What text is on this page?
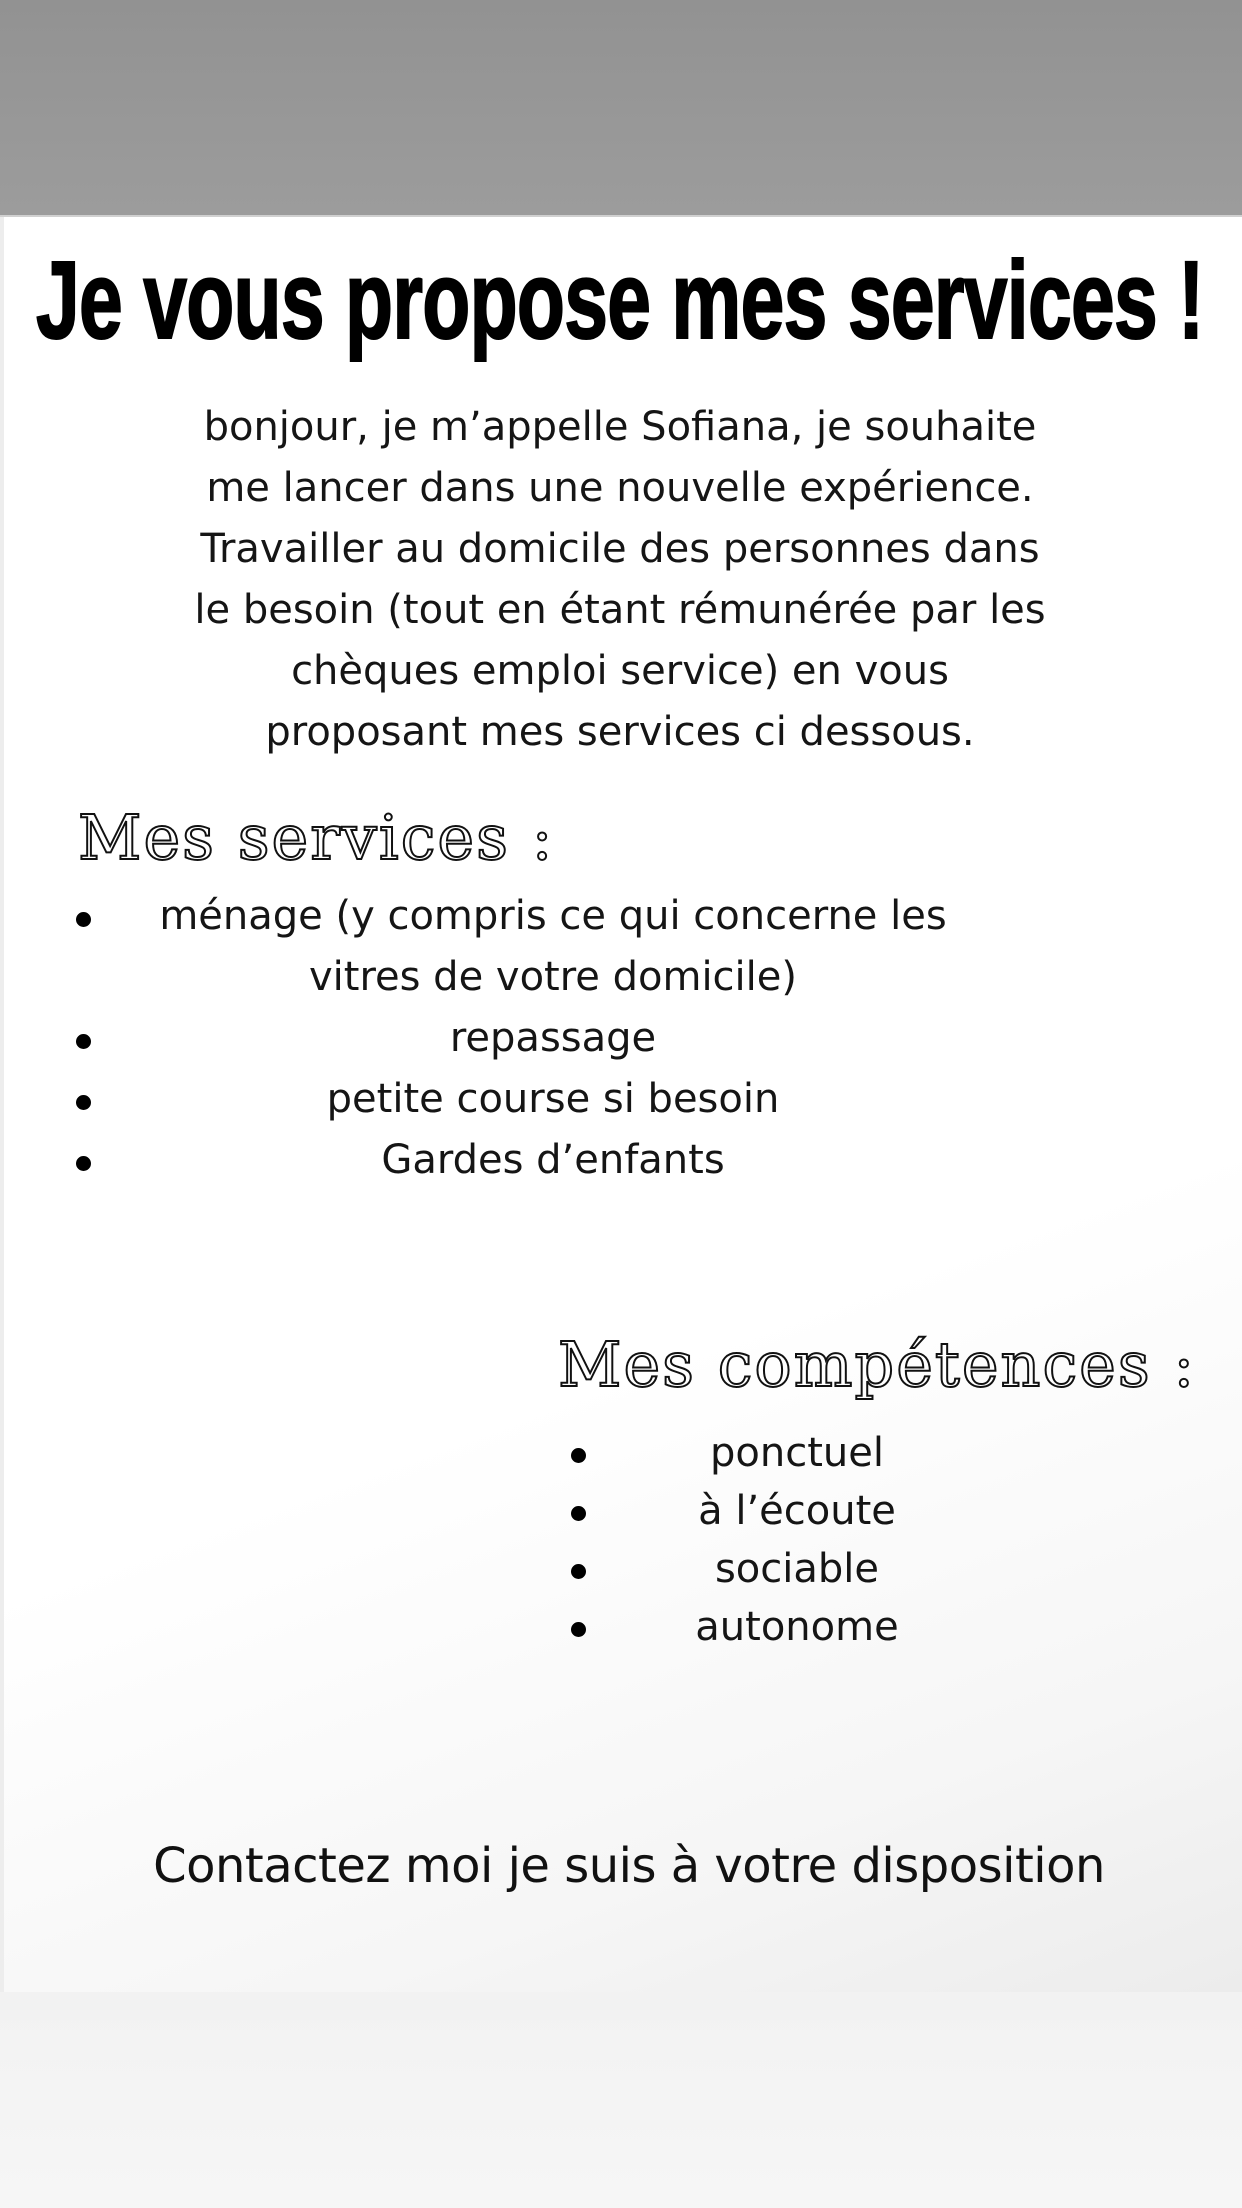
Je vous propose mes services !
bonjour, je m’appelle Sofiana, je souhaite
me lancer dans une nouvelle expérience.
Travailler au domicile des personnes dans
le besoin (tout en étant rémunérée par les
chèques emploi service) en vous
proposant mes services ci dessous.
Mes services :
ménage (y compris ce qui concerne les
vitres de votre domicile)
repassage
petite course si besoin
Gardes d’enfants
Mes compétences :
ponctuel
à l’écoute
sociable
autonome

Contactez moi je suis à votre disposition
